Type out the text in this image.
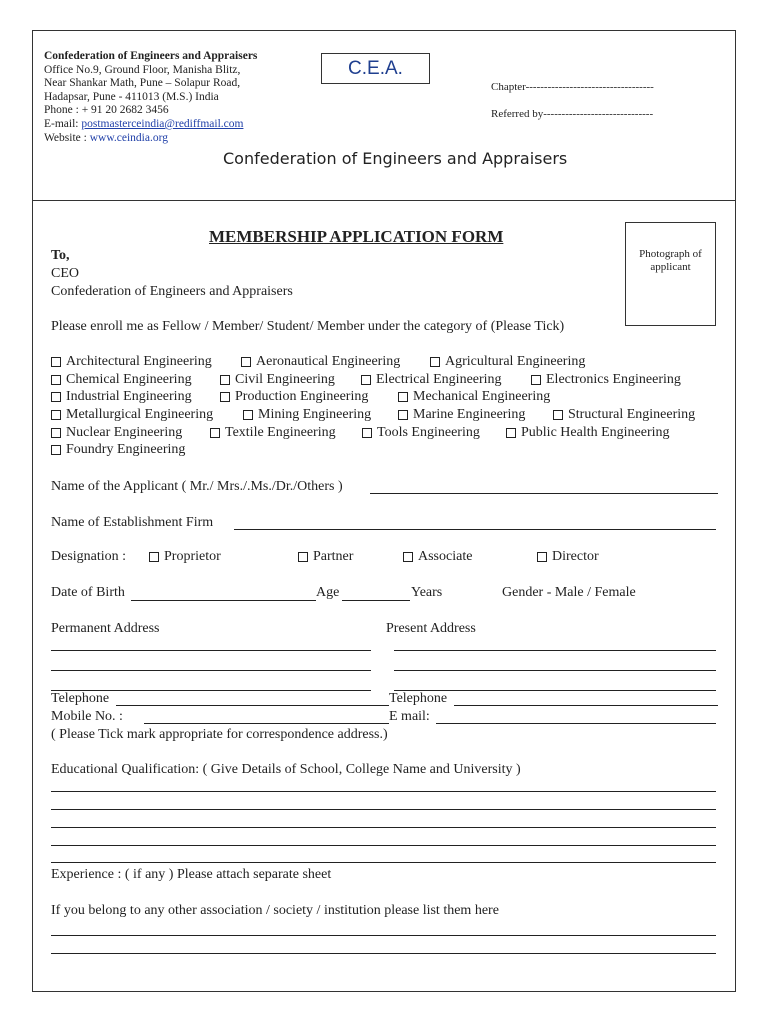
Confederation of Engineers and Appraisers
Office No.9, Ground Floor, Manisha Blitz,
Near Shankar Math, Pune – Solapur Road,
Hadapsar, Pune - 411013 (M.S.) India
Phone : + 91 20 2682 3456
E-mail: postmasterceindia@rediffmail.com
Website : www.ceindia.org
C.E.A.
Chapter-----------------------------------
Referred by------------------------------
Confederation of Engineers and Appraisers
MEMBERSHIP APPLICATION FORM
Photograph of applicant
To,
CEO
Confederation of Engineers and Appraisers
Please enroll me as Fellow / Member/ Student/ Member under the category of (Please Tick)
Architectural Engineering	Aeronautical Engineering	Agricultural Engineering
Chemical Engineering	Civil Engineering	Electrical Engineering	Electronics Engineering
Industrial Engineering	Production Engineering	Mechanical Engineering
Metallurgical Engineering	Mining Engineering	Marine Engineering	Structural Engineering
Nuclear Engineering	Textile Engineering	Tools Engineering	Public Health Engineering
Foundry Engineering
Name of the Applicant ( Mr./ Mrs./.Ms./Dr./Others )
Name of Establishment Firm
Designation :	Proprietor	Partner	Associate	Director
Date of Birth	Age	Years	Gender - Male / Female
Permanent Address	Present Address
Telephone	Telephone
Mobile No. :	E mail:
( Please Tick mark appropriate for correspondence address.)
Educational Qualification: ( Give Details of School, College Name and University )
Experience : ( if any ) Please attach separate sheet
If you belong to any other association / society / institution please list them here
